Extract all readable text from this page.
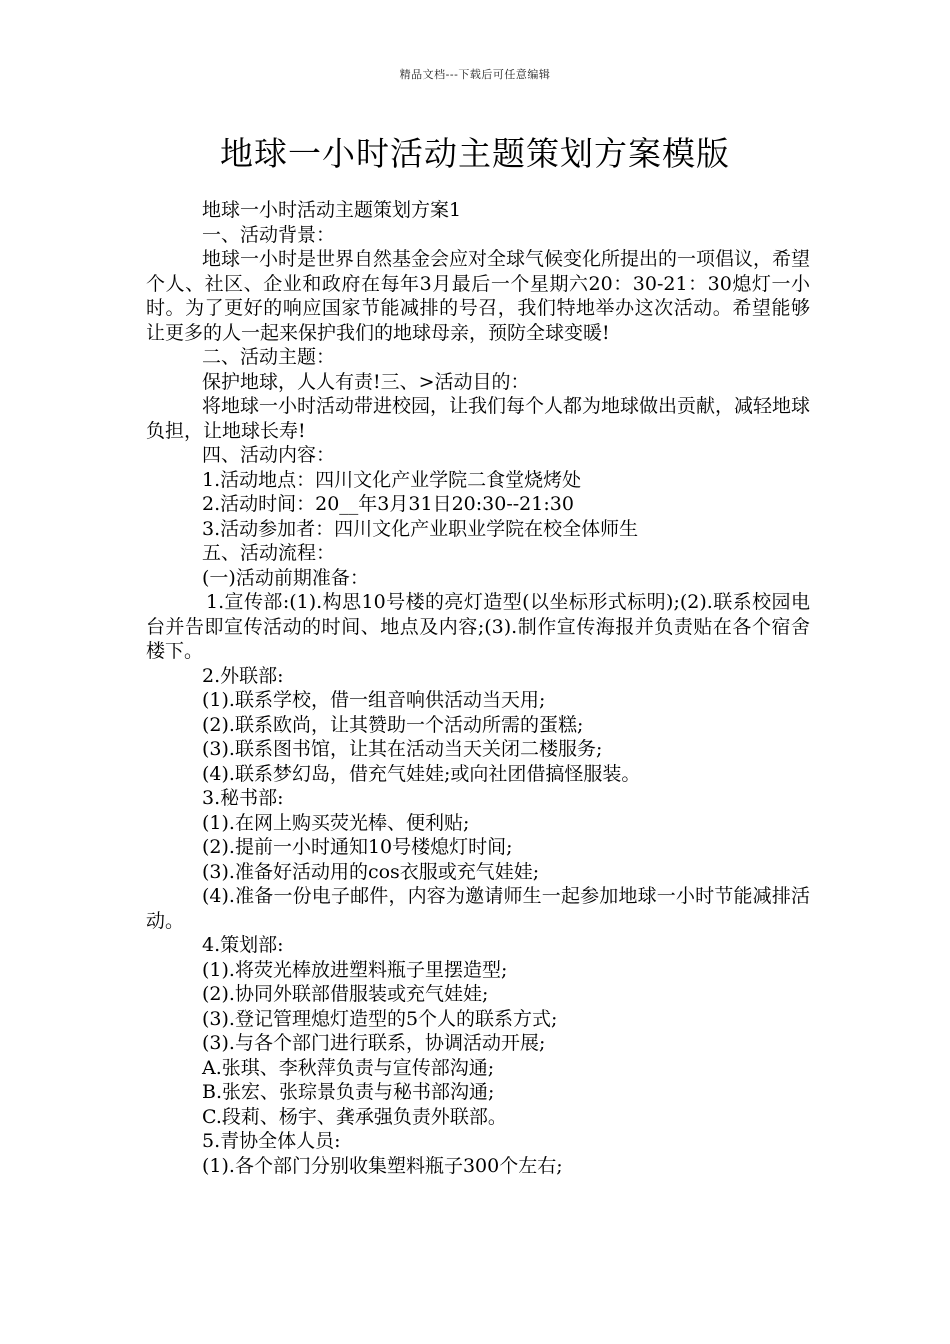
精品文档---下载后可任意编辑
地球一小时活动主题策划方案模版

地球一小时活动主题策划方案1

一、活动背景：

地球一小时是世界自然基金会应对全球气候变化所提出的一项倡议，希望个人、社区、企业和政府在每年3月最后一个星期六20：30-21：30熄灯一小时。为了更好的响应国家节能减排的号召，我们特地举办这次活动。希望能够让更多的人一起来保护我们的地球母亲，预防全球变暖!

二、活动主题：

保护地球，人人有责!三、>活动目的：

将地球一小时活动带进校园，让我们每个人都为地球做出贡献，减轻地球负担，让地球长寿!

四、活动内容：

1.活动地点：四川文化产业学院二食堂烧烤处

2.活动时间：20__年3月31日20:30--21:30

3.活动参加者：四川文化产业职业学院在校全体师生

五、活动流程：

(一)活动前期准备：

1.宣传部:(1).构思10号楼的亮灯造型(以坐标形式标明);(2).联系校园电台并告即宣传活动的时间、地点及内容;(3).制作宣传海报并负责贴在各个宿舍楼下。

2.外联部:

(1).联系学校，借一组音响供活动当天用;

(2).联系欧尚，让其赞助一个活动所需的蛋糕;

(3).联系图书馆，让其在活动当天关闭二楼服务;

(4).联系梦幻岛，借充气娃娃;或向社团借搞怪服装。

3.秘书部:

(1).在网上购买荧光棒、便利贴;

(2).提前一小时通知10号楼熄灯时间;

(3).准备好活动用的cos衣服或充气娃娃;

(4).准备一份电子邮件，内容为邀请师生一起参加地球一小时节能减排活动。

4.策划部:

(1).将荧光棒放进塑料瓶子里摆造型;

(2).协同外联部借服装或充气娃娃;

(3).登记管理熄灯造型的5个人的联系方式;

(3).与各个部门进行联系，协调活动开展;

A.张琪、李秋萍负责与宣传部沟通;

B.张宏、张琮景负责与秘书部沟通;

C.段莉、杨宇、龚承强负责外联部。

5.青协全体人员:

(1).各个部门分别收集塑料瓶子300个左右;
